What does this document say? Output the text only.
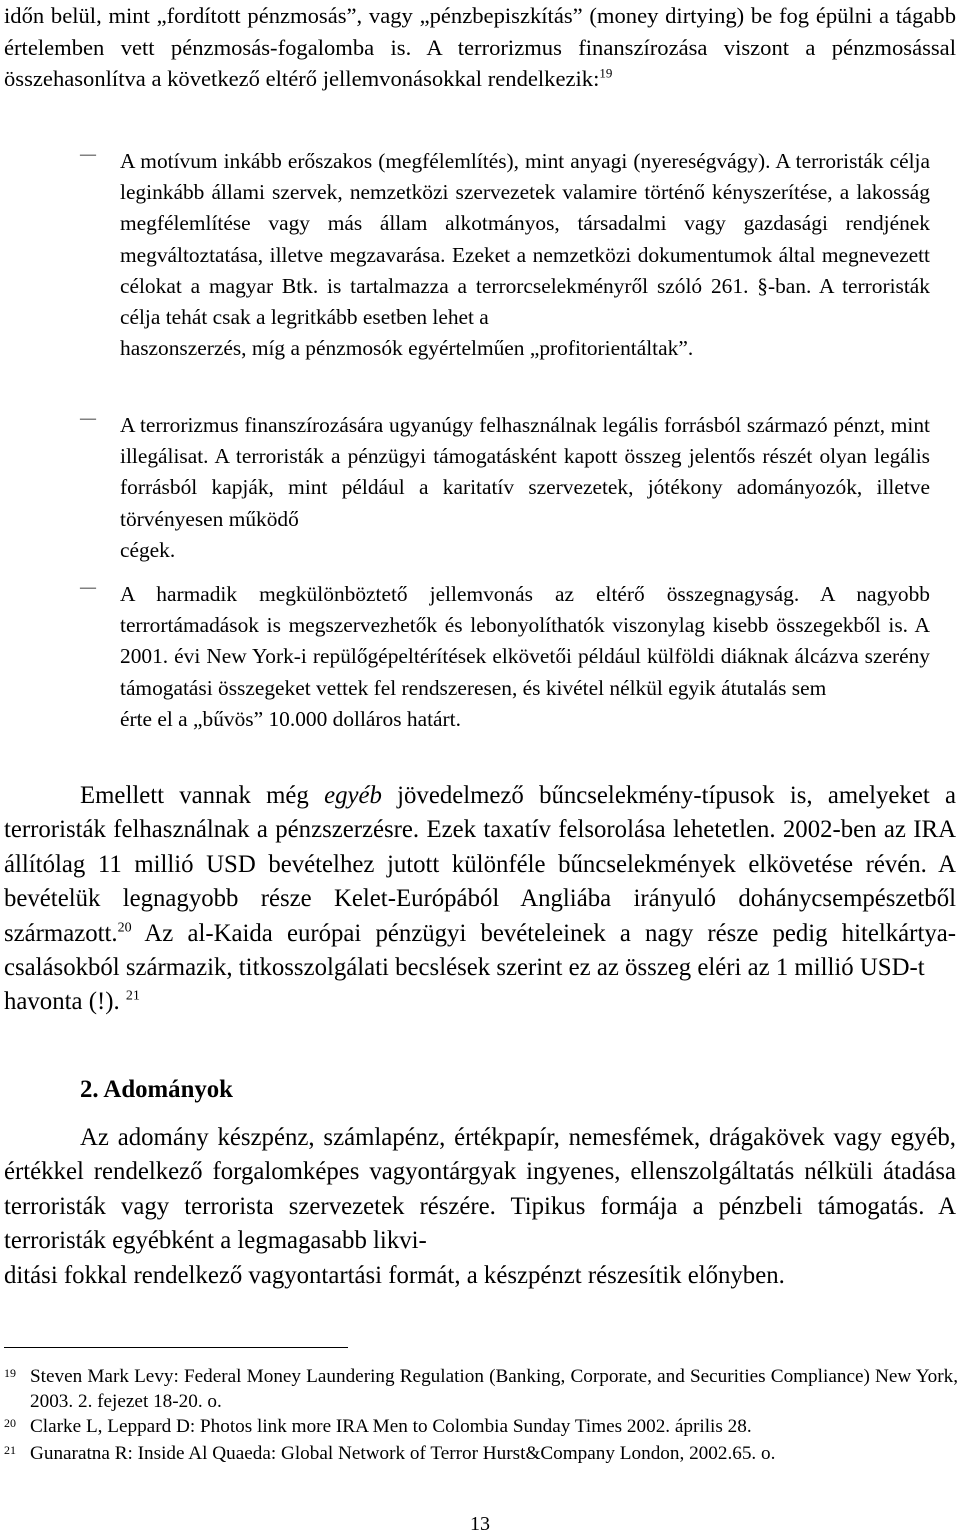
időn belül, mint „fordított pénzmosás”, vagy „pénzbepiszkítás” (money dirtying) be fog épülni a tágabb értelemben vett pénzmosás-fogalomba is. A terrorizmus finanszírozása viszont a pénzmosással összehasonlítva a következő eltérő jellemvonásokkal rendelkezik:$^{19}$

—	A motívum inkább erőszakos (megfélemlítés), mint anyagi (nyereségvágy). A terroristák célja leginkább állami szervek, nemzetközi szervezetek valamire történő kényszerítése, a lakosság megfélemlítése vagy más állam alkotmányos, társadalmi vagy gazdasági rendjének megváltoztatása, illetve megzavarása. Ezeket a nemzetközi dokumentumok által megnevezett célokat a magyar Btk. is tartalmazza a terrorcselekményről szóló 261. §-ban. A terroristák célja tehát csak a legritkább esetben lehet a
haszonszerzés, míg a pénzmosók egyértelműen „profitorientáltak”.

—	A terrorizmus finanszírozására ugyanúgy felhasználnak legális forrásból származó pénzt, mint illegálisat. A terroristák a pénzügyi támogatásként kapott összeg jelentős részét olyan legális forrásból kapják, mint például a karitatív szervezetek, jótékony adományozók, illetve törvényesen működő
cégek.

—	A harmadik megkülönböztető jellemvonás az eltérő összegnagyság. A nagyobb terrortámadások is megszervezhetők és lebonyolíthatók viszonylag kisebb összegekből is. A 2001. évi New York-i repülőgépeltérítések elkövetői például külföldi diáknak álcázva szerény támogatási összegeket vettek fel rendszeresen, és kivétel nélkül egyik átutalás sem
érte el a „bűvös” 10.000 dolláros határt.

Emellett vannak még egyéb jövedelmező bűncselekmény-típusok is, amelyeket a terroristák felhasználnak a pénzszerzésre. Ezek taxatív felsorolása lehetetlen. 2002-ben az IRA állítólag 11 millió USD bevételhez jutott különféle bűncselekmények elkövetése révén. A bevételük legnagyobb része Kelet-Európából Angliába irányuló dohánycsempészetből származott.$^{20}$ Az al-Kaida európai pénzügyi bevételeinek a nagy része pedig hitelkártya-csalásokból származik, titkosszolgálati becslések szerint ez az összeg eléri az 1 millió USD-t
havonta (!). $^{21}$

2. Adományok

Az adomány készpénz, számlapénz, értékpapír, nemesfémek, drágakövek vagy egyéb, értékkel rendelkező forgalomképes vagyontárgyak ingyenes, ellenszolgáltatás nélküli átadása terroristák vagy terrorista szervezetek részére. Tipikus formája a pénzbeli támogatás. A terroristák egyébként a legmagasabb likvi-
ditási fokkal rendelkező vagyontartási formát, a készpénzt részesítik előnyben.

19 Steven Mark Levy: Federal Money Laundering Regulation (Banking, Corporate, and Securities Compliance) New York, 2003. 2. fejezet 18-20. o.

20 Clarke L, Leppard D: Photos link more IRA Men to Colombia Sunday Times 2002. április 28.

21 Gunaratna R: Inside Al Quaeda: Global Network of Terror Hurst&Company London, 2002.65. o.

13
